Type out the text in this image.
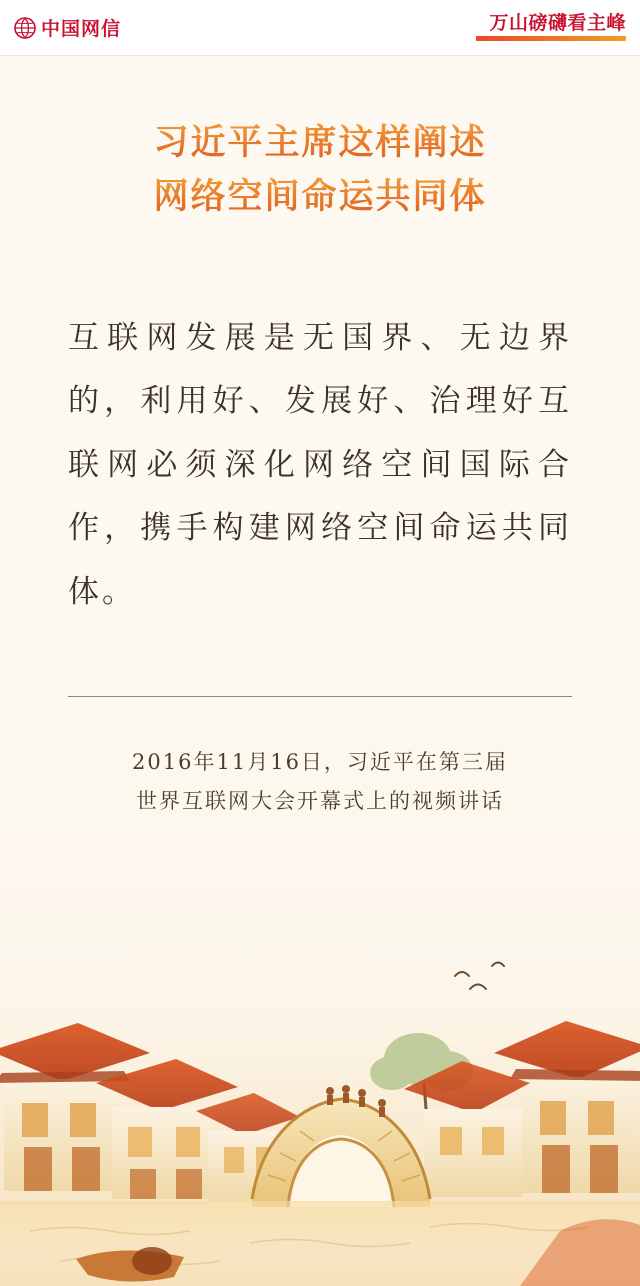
中国网信	万山磅礴看主峰
习近平主席这样阐述
网络空间命运共同体
互联网发展是无国界、无边界的，利用好、发展好、治理好互联网必须深化网络空间国际合作，携手构建网络空间命运共同体。
2016年11月16日，习近平在第三届
世界互联网大会开幕式上的视频讲话
